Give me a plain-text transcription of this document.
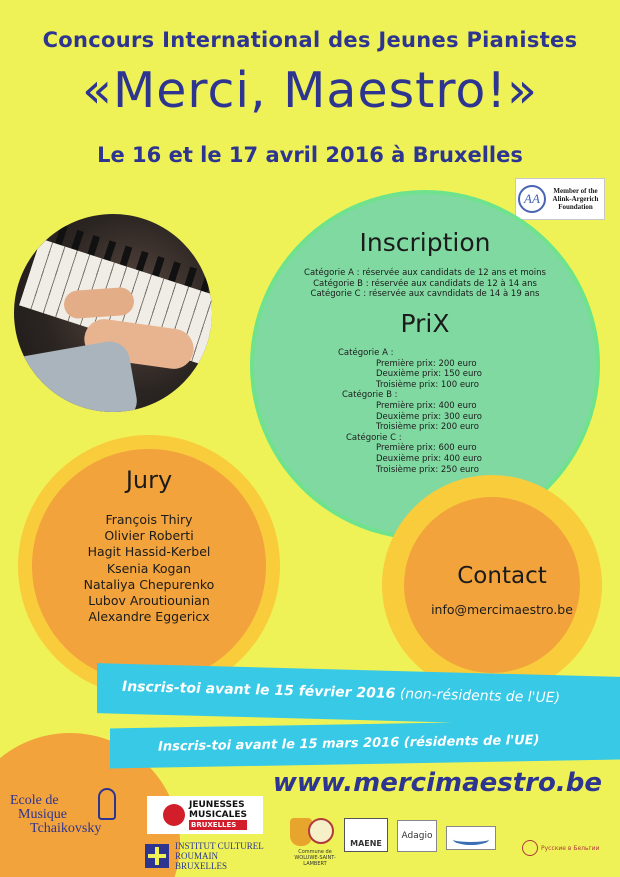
Concours International des Jeunes Pianistes
«Merci, Maestro!»
Le 16 et le 17 avril 2016 à Bruxelles
AA	Member of the Alink-Argerich Foundation
Inscription
Catégorie A : réservée aux candidats de 12 ans et moins
Catégorie B : réservée aux candidats de 12 à 14 ans
Catégorie C : réservée aux cavndidats de 14 à 19 ans
PriX
Catégorie A :
Première prix: 200 euro
Deuxième prix: 150 euro
Troisième prix: 100 euro
Catégorie B :
Première prix: 400 euro
Deuxième prix: 300 euro
Troisième prix: 200 euro
Catégorie C :
Première prix: 600 euro
Deuxième prix: 400 euro
Troisième prix: 250 euro
Jury
François Thiry
Olivier Roberti
Hagit Hassid-Kerbel
Ksenia Kogan
Nataliya Chepurenko
Lubov Aroutiounian
Alexandre Eggericx
Contact
info@mercimaestro.be
Inscris-toi avant le 15 février 2016 (non-résidents de l'UE)
Inscris-toi avant le 15 mars 2016 (résidents de l'UE)
www.mercimaestro.be
Ecole de
Musique
Tchaikovsky
JEUNESSES
MUSICALES
BRUXELLES
INSTITUT CULTUREL
ROUMAIN
BRUXELLES
Commune de WOLUWE-SAINT-LAMBERT
MAENE
Adagio
Русские в Бельгии
